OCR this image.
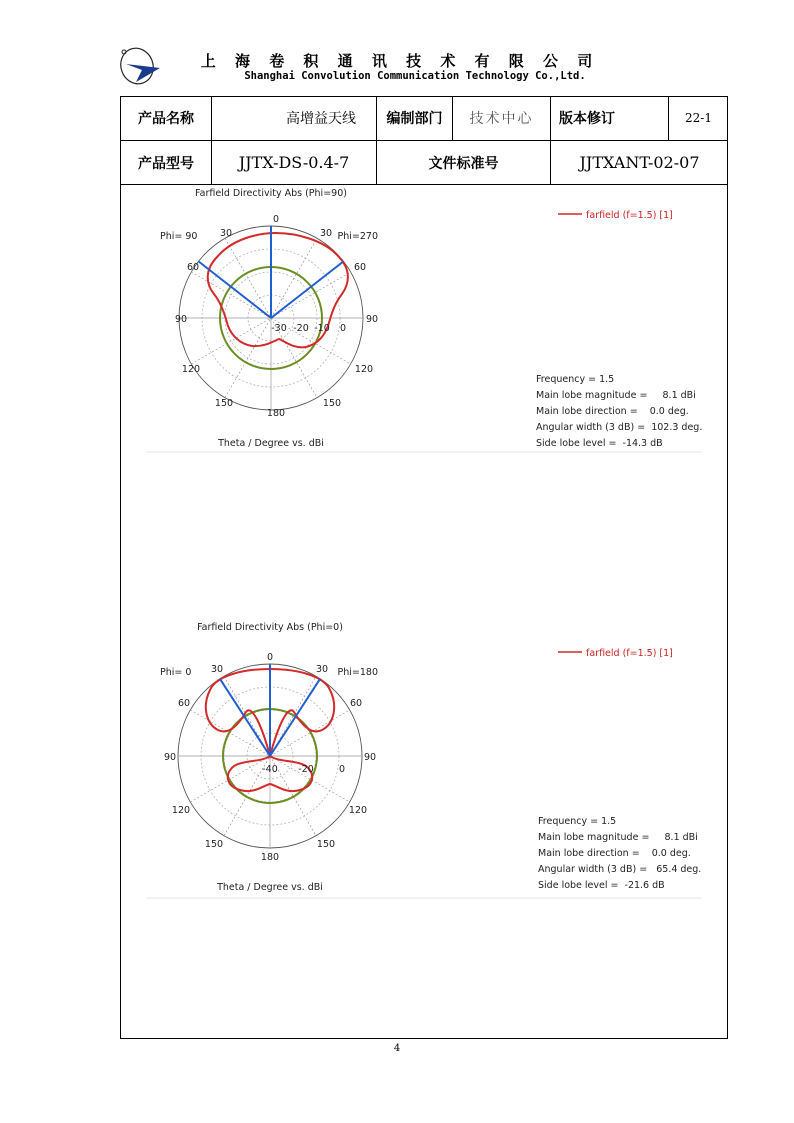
上 海 卷 积 通 讯 技 术 有 限 公 司
Shanghai Convolution Communication Technology Co.,Ltd.
产品名称	高增益天线	编制部门	技术中心	版本修订	22-1
产品型号	JJTX-DS-0.4-7	文件标准号	JJTXANT-02-07
Farfield Directivity Abs (Phi=90)
0
30	30
60	60
90	90
120	120
150	150
180
-30 -20 -10 0
Phi= 90	Phi=270
Theta / Degree vs. dBi
farfield (f=1.5) [1]
Frequency = 1.5
Main lobe magnitude =     8.1 dBi
Main lobe direction =    0.0 deg.
Angular width (3 dB) =  102.3 deg.
Side lobe level =  -14.3 dB
Farfield Directivity Abs (Phi=0)
0
30	30
60	60
90	90
120	120
150	150
180
-40 -20	0
Phi= 0	Phi=180
Theta / Degree vs. dBi
farfield (f=1.5) [1]
Frequency = 1.5
Main lobe magnitude =     8.1 dBi
Main lobe direction =    0.0 deg.
Angular width (3 dB) =   65.4 deg.
Side lobe level =  -21.6 dB
4
